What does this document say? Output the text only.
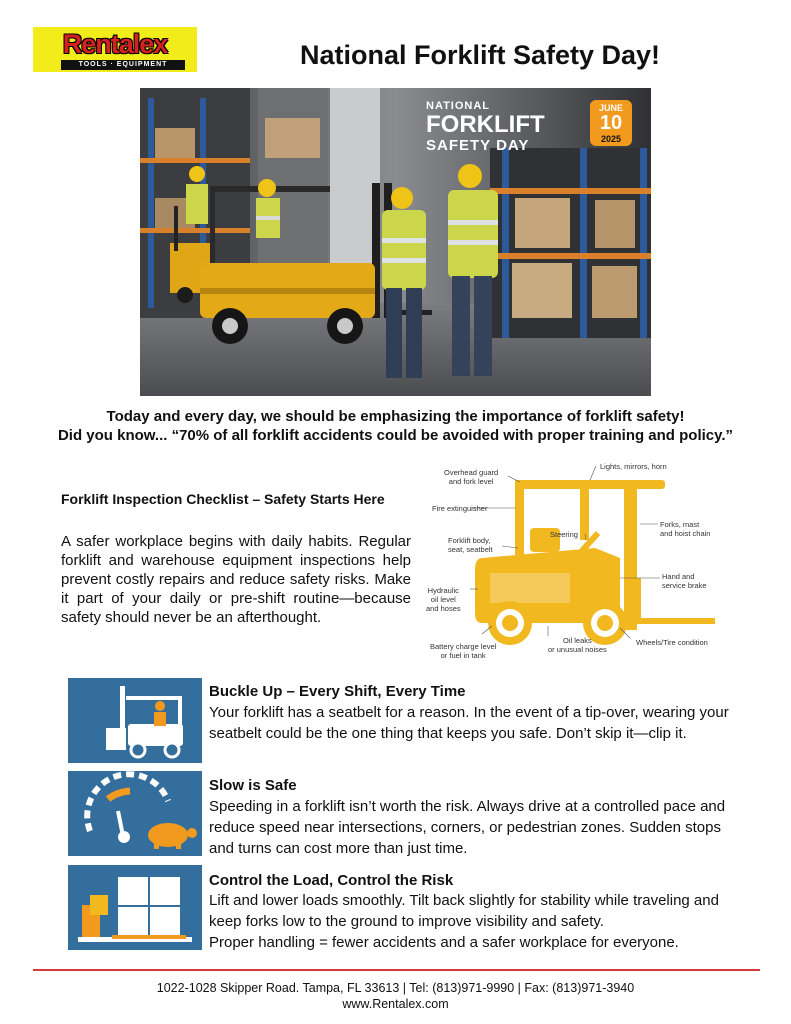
Rentalex
TOOLS · EQUIPMENT	National Forklift Safety Day!
NATIONAL
FORKLIFT
SAFETY DAY
JUNE
10
2025
Today and every day, we should be emphasizing the importance of forklift safety!
Did you know... “70% of all forklift accidents could be avoided with proper training and policy.”
Forklift Inspection Checklist – Safety Starts Here
A safer workplace begins with daily habits. Regular forklift and warehouse equipment inspections help prevent costly repairs and reduce safety risks. Make it part of your daily or pre-shift routine—because safety should never be an afterthought.
Overhead guard
and fork level
Lights, mirrors, horn
Fire extinguisher
Forks, mast
and hoist chain
Forklift body,
seat, seatbelt
Steering
Hydraulic
oil level
and hoses
Hand and
service brake
Battery charge level
or fuel in tank
Oil leaks
or unusual noises
Wheels/Tire condition
Buckle Up – Every Shift, Every Time
Your forklift has a seatbelt for a reason. In the event of a tip-over, wearing your seatbelt could be the one thing that keeps you safe. Don’t skip it—clip it.
Slow is Safe
Speeding in a forklift isn’t worth the risk. Always drive at a controlled pace and reduce speed near intersections, corners, or pedestrian zones. Sudden stops and turns can cost more than just time.
Control the Load, Control the Risk
Lift and lower loads smoothly. Tilt back slightly for stability while traveling and keep forks low to the ground to improve visibility and safety.
Proper handling = fewer accidents and a safer workplace for everyone.
1022-1028 Skipper Road. Tampa, FL 33613 | Tel: (813)971-9990 | Fax: (813)971-3940
www.Rentalex.com
